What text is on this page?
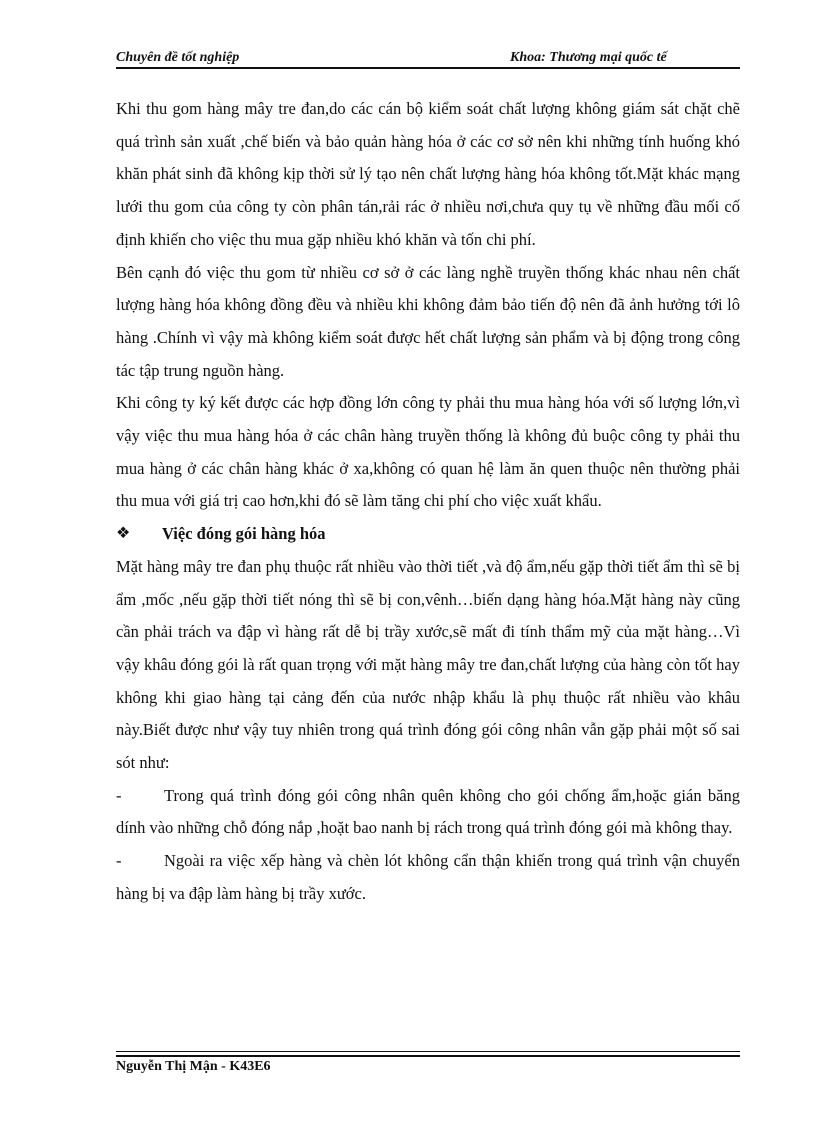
Chuyên đề tốt nghiệp	Khoa: Thương mại quốc tế

Khi thu gom hàng mây tre đan,do các cán bộ kiểm soát chất lượng không giám sát chặt chẽ quá trình sản xuất ,chế biến và bảo quản hàng hóa ở các cơ sở nên khi những tính huống khó khăn phát sinh đã không kịp thời sử lý tạo nên chất lượng hàng hóa không tốt.Mặt khác mạng lưới thu gom của công ty còn phân tán,rải rác ở nhiều nơi,chưa quy tụ về những đầu mối cố định khiến cho việc thu mua gặp nhiều khó khăn và tốn chi phí.

Bên cạnh đó việc thu gom từ nhiều cơ sở ở các làng nghề truyền thống khác nhau nên chất lượng hàng hóa không đồng đều và nhiều khi không đảm bảo tiến độ nên đã ảnh hưởng tới lô hàng .Chính vì vậy mà không kiểm soát được hết chất lượng sản phẩm và bị động trong công tác tập trung nguồn hàng.

Khi công ty ký kết được các hợp đồng lớn công ty phải thu mua hàng hóa với số lượng lớn,vì vậy việc thu mua hàng hóa ở các chân hàng truyền thống là không đủ buộc công ty phải thu mua hàng ở các chân hàng khác ở xa,không có quan hệ làm ăn quen thuộc nên thường phải thu mua với giá trị cao hơn,khi đó sẽ làm tăng chi phí cho việc xuất khẩu.

❖	Việc đóng gói hàng hóa

Mặt hàng mây tre đan phụ thuộc rất nhiều vào thời tiết ,và độ ẩm,nếu gặp thời tiết ẩm thì sẽ bị ẩm ,mốc ,nếu gặp thời tiết nóng thì sẽ bị con,vênh…biến dạng hàng hóa.Mặt hàng này cũng cần phải trách va đập vì hàng rất dễ bị trầy xước,sẽ mất đi tính thẩm mỹ của mặt hàng…Vì vậy khâu đóng gói là rất quan trọng với mặt hàng mây tre đan,chất lượng của hàng còn tốt hay không khi giao hàng tại cảng đến của nước nhập khẩu là phụ thuộc rất nhiều vào khâu này.Biết được như vậy tuy nhiên trong quá trình đóng gói công nhân vẫn gặp phải một số sai sót như:

-	Trong quá trình đóng gói công nhân quên không cho gói chống ẩm,hoặc gián băng dính vào những chỗ đóng nắp ,hoặt bao nanh bị rách trong quá trình đóng gói mà không thay.
-	Ngoài ra việc xếp hàng và chèn lót không cẩn thận khiến trong quá trình vận chuyển hàng bị va đập làm hàng bị trầy xước.
Nguyễn Thị Mận - K43E6
